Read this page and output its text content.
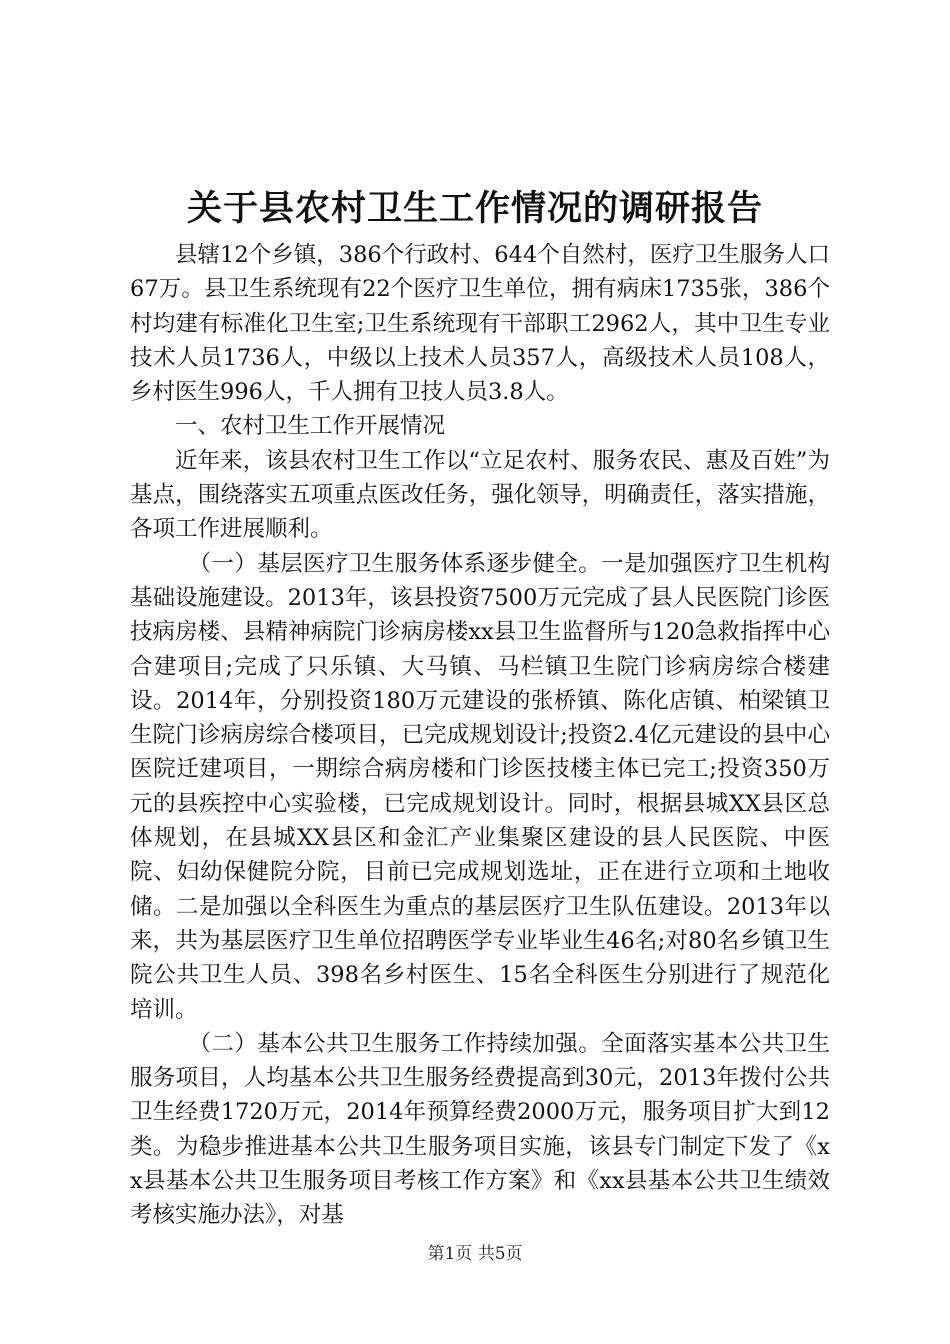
关于县农村卫生工作情况的调研报告

县辖12个乡镇，386个行政村、644个自然村，医疗卫生服务人口67万。县卫生系统现有22个医疗卫生单位，拥有病床1735张，386个村均建有标准化卫生室;卫生系统现有干部职工2962人，其中卫生专业技术人员1736人，中级以上技术人员357人，高级技术人员108人，乡村医生996人，千人拥有卫技人员3.8人。

一、农村卫生工作开展情况

近年来，该县农村卫生工作以“立足农村、服务农民、惠及百姓”为基点，围绕落实五项重点医改任务，强化领导，明确责任，落实措施，各项工作进展顺利。

（一）基层医疗卫生服务体系逐步健全。一是加强医疗卫生机构基础设施建设。2013年，该县投资7500万元完成了县人民医院门诊医技病房楼、县精神病院门诊病房楼xx县卫生监督所与120急救指挥中心合建项目;完成了只乐镇、大马镇、马栏镇卫生院门诊病房综合楼建设。2014年，分别投资180万元建设的张桥镇、陈化店镇、柏梁镇卫生院门诊病房综合楼项目，已完成规划设计;投资2.4亿元建设的县中心医院迁建项目，一期综合病房楼和门诊医技楼主体已完工;投资350万元的县疾控中心实验楼，已完成规划设计。同时，根据县城XX县区总体规划，在县城XX县区和金汇产业集聚区建设的县人民医院、中医院、妇幼保健院分院，目前已完成规划选址，正在进行立项和土地收储。二是加强以全科医生为重点的基层医疗卫生队伍建设。2013年以来，共为基层医疗卫生单位招聘医学专业毕业生46名;对80名乡镇卫生院公共卫生人员、398名乡村医生、15名全科医生分别进行了规范化培训。

（二）基本公共卫生服务工作持续加强。全面落实基本公共卫生服务项目，人均基本公共卫生服务经费提高到30元，2013年拨付公共卫生经费1720万元，2014年预算经费2000万元，服务项目扩大到12类。为稳步推进基本公共卫生服务项目实施，该县专门制定下发了《xx县基本公共卫生服务项目考核工作方案》和《xx县基本公共卫生绩效考核实施办法》，对基

第1页 共5页
